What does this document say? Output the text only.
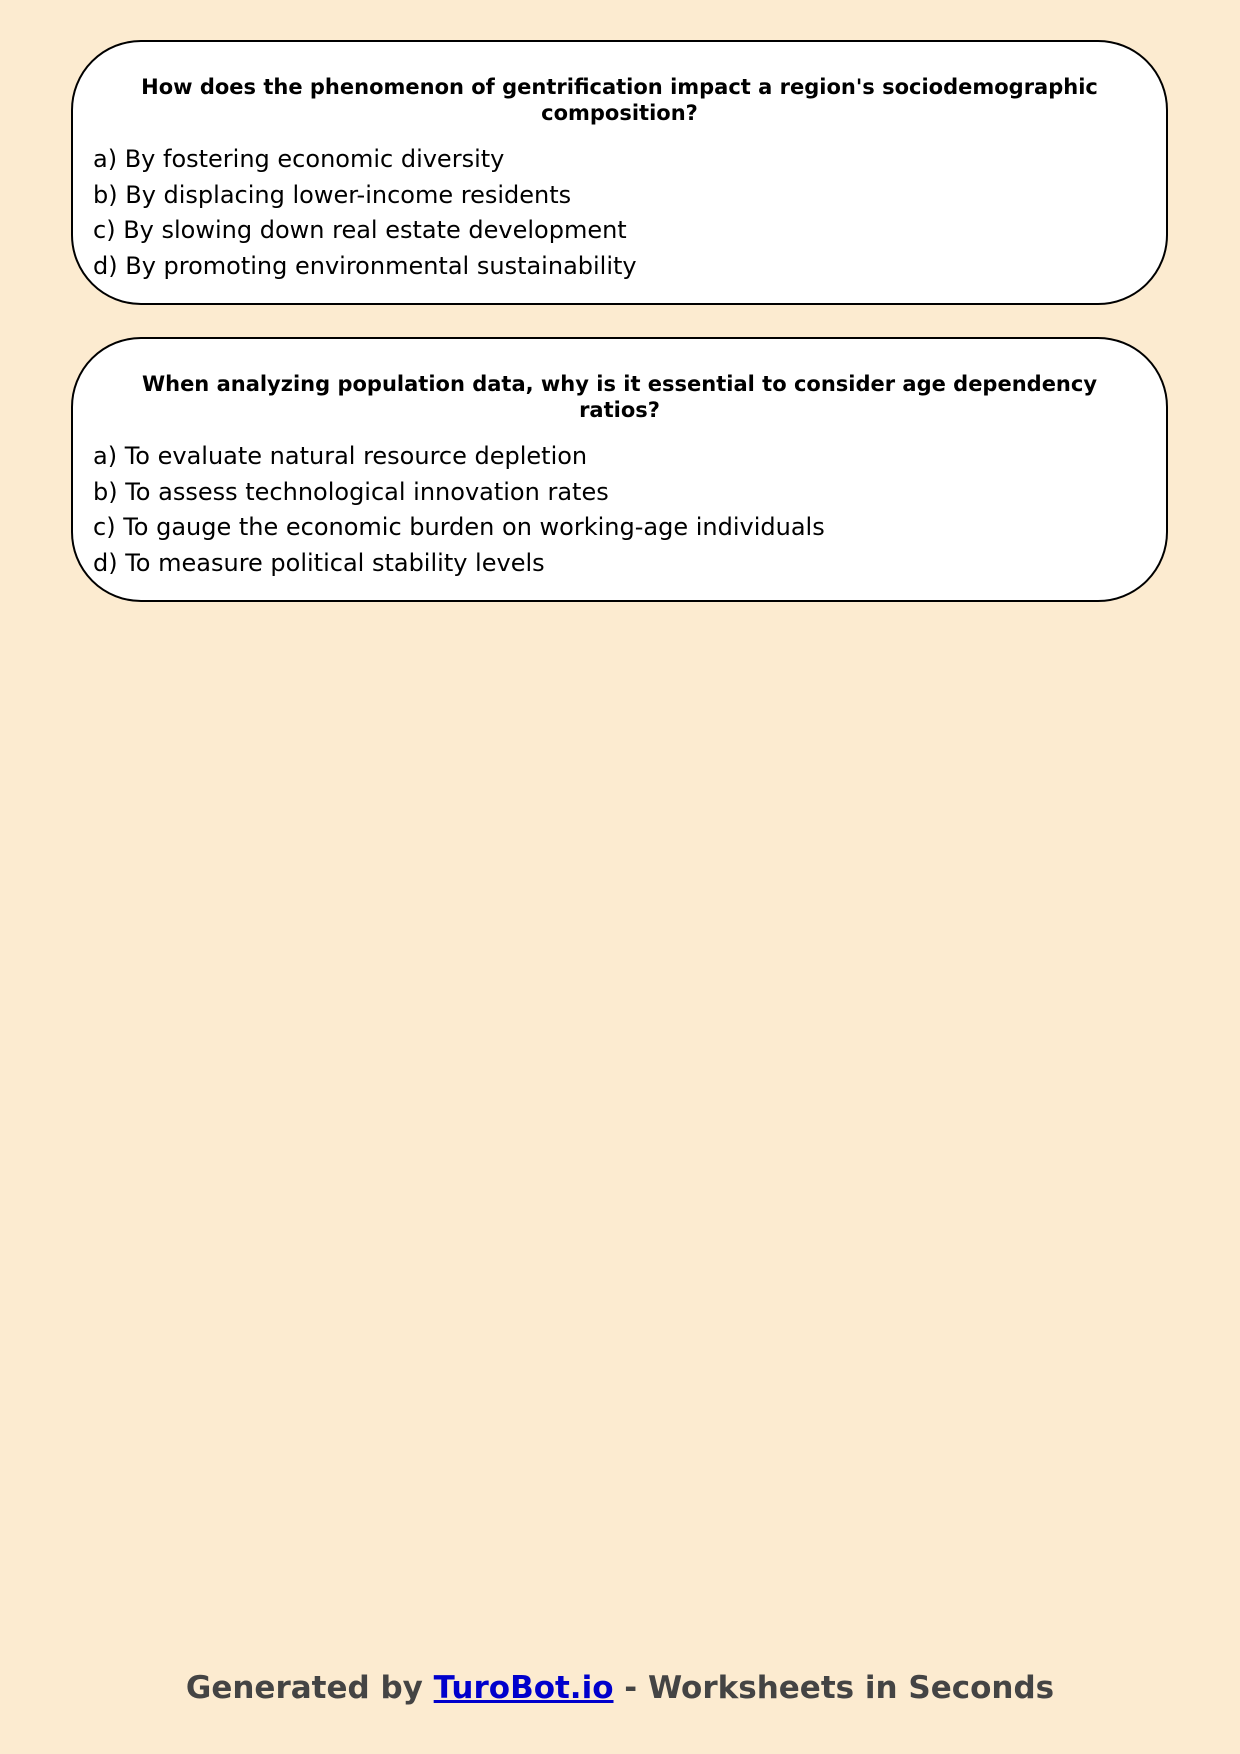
How does the phenomenon of gentrification impact a region's sociodemographic composition?
a) By fostering economic diversity
b) By displacing lower-income residents
c) By slowing down real estate development
d) By promoting environmental sustainability
When analyzing population data, why is it essential to consider age dependency ratios?
a) To evaluate natural resource depletion
b) To assess technological innovation rates
c) To gauge the economic burden on working-age individuals
d) To measure political stability levels
Generated by TuroBot.io - Worksheets in Seconds
